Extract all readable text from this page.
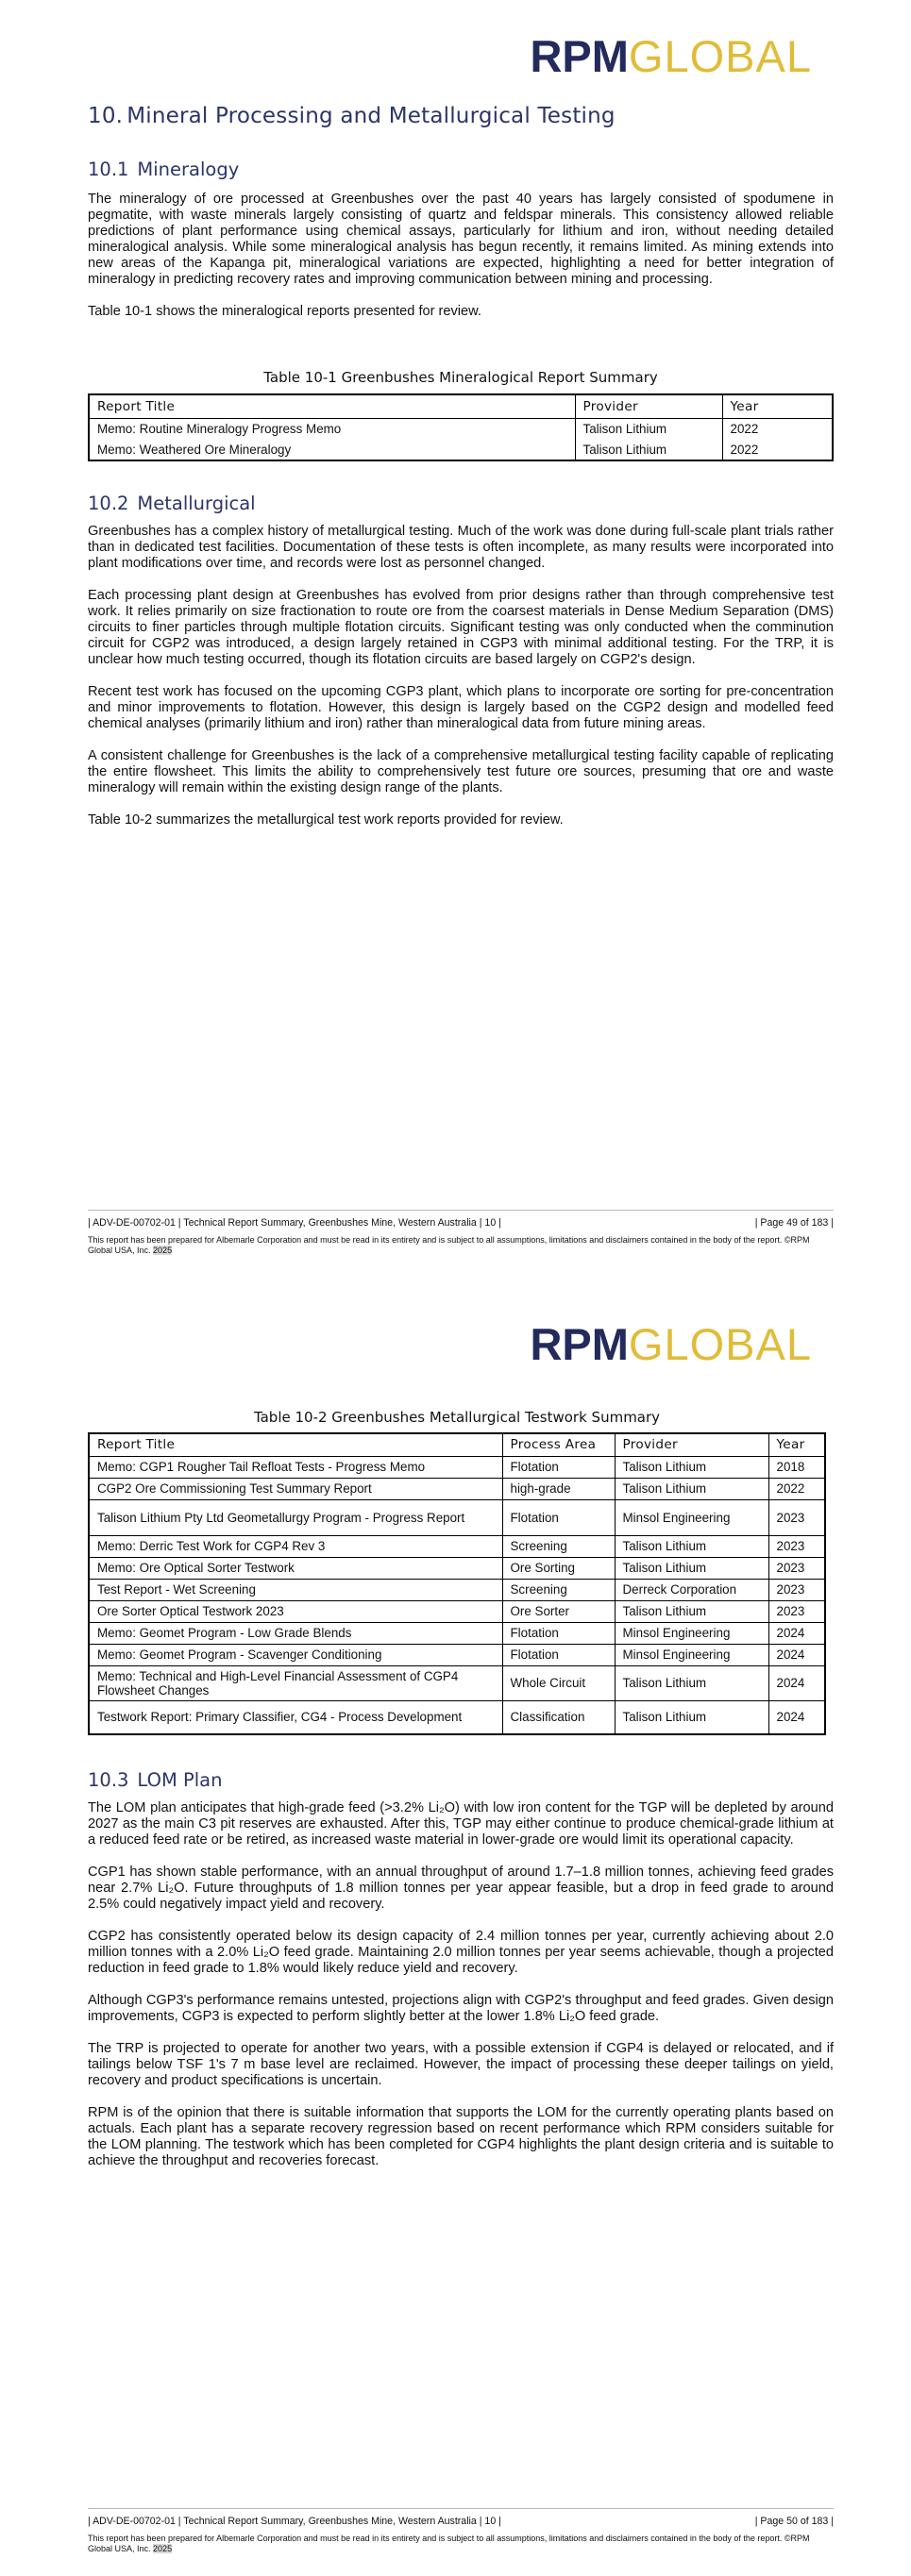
RPMGLOBAL
10. Mineral Processing and Metallurgical Testing
10.1 Mineralogy

The mineralogy of ore processed at Greenbushes over the past 40 years has largely consisted of spodumene in pegmatite, with waste minerals largely consisting of quartz and feldspar minerals. This consistency allowed reliable predictions of plant performance using chemical assays, particularly for lithium and iron, without needing detailed mineralogical analysis. While some mineralogical analysis has begun recently, it remains limited. As mining extends into new areas of the Kapanga pit, mineralogical variations are expected, highlighting a need for better integration of mineralogy in predicting recovery rates and improving communication between mining and processing.

Table 10-1 shows the mineralogical reports presented for review.

Table 10-1 Greenbushes Mineralogical Report Summary
Report Title	Provider	Year
Memo: Routine Mineralogy Progress Memo	Talison Lithium	2022
Memo: Weathered Ore Mineralogy	Talison Lithium	2022
10.2 Metallurgical

Greenbushes has a complex history of metallurgical testing. Much of the work was done during full-scale plant trials rather than in dedicated test facilities. Documentation of these tests is often incomplete, as many results were incorporated into plant modifications over time, and records were lost as personnel changed.

Each processing plant design at Greenbushes has evolved from prior designs rather than through comprehensive test work. It relies primarily on size fractionation to route ore from the coarsest materials in Dense Medium Separation (DMS) circuits to finer particles through multiple flotation circuits. Significant testing was only conducted when the comminution circuit for CGP2 was introduced, a design largely retained in CGP3 with minimal additional testing. For the TRP, it is unclear how much testing occurred, though its flotation circuits are based largely on CGP2's design.

Recent test work has focused on the upcoming CGP3 plant, which plans to incorporate ore sorting for pre-concentration and minor improvements to flotation. However, this design is largely based on the CGP2 design and modelled feed chemical analyses (primarily lithium and iron) rather than mineralogical data from future mining areas.

A consistent challenge for Greenbushes is the lack of a comprehensive metallurgical testing facility capable of replicating the entire flowsheet. This limits the ability to comprehensively test future ore sources, presuming that ore and waste mineralogy will remain within the existing design range of the plants.

Table 10-2 summarizes the metallurgical test work reports provided for review.

| ADV-DE-00702-01 | Technical Report Summary, Greenbushes Mine, Western Australia | 10 |	| Page 49 of 183 |
This report has been prepared for Albemarle Corporation and must be read in its entirety and is subject to all assumptions, limitations and disclaimers contained in the body of the report. ©RPM Global USA, Inc. 2025
RPMGLOBAL
Table 10-2 Greenbushes Metallurgical Testwork Summary
Report Title	Process Area	Provider	Year
Memo: CGP1 Rougher Tail Refloat Tests - Progress Memo	Flotation	Talison Lithium	2018
CGP2 Ore Commissioning Test Summary Report	high-grade	Talison Lithium	2022
Talison Lithium Pty Ltd Geometallurgy Program - Progress Report	Flotation	Minsol Engineering	2023
Memo: Derric Test Work for CGP4 Rev 3	Screening	Talison Lithium	2023
Memo: Ore Optical Sorter Testwork	Ore Sorting	Talison Lithium	2023
Test Report - Wet Screening	Screening	Derreck Corporation	2023
Ore Sorter Optical Testwork 2023	Ore Sorter	Talison Lithium	2023
Memo: Geomet Program - Low Grade Blends	Flotation	Minsol Engineering	2024
Memo: Geomet Program - Scavenger Conditioning	Flotation	Minsol Engineering	2024
Memo: Technical and High-Level Financial Assessment of CGP4 Flowsheet Changes	Whole Circuit	Talison Lithium	2024
Testwork Report: Primary Classifier, CG4 - Process Development	Classification	Talison Lithium	2024
10.3 LOM Plan

The LOM plan anticipates that high-grade feed (>3.2% Li₂O) with low iron content for the TGP will be depleted by around 2027 as the main C3 pit reserves are exhausted. After this, TGP may either continue to produce chemical-grade lithium at a reduced feed rate or be retired, as increased waste material in lower-grade ore would limit its operational capacity.

CGP1 has shown stable performance, with an annual throughput of around 1.7–1.8 million tonnes, achieving feed grades near 2.7% Li₂O. Future throughputs of 1.8 million tonnes per year appear feasible, but a drop in feed grade to around 2.5% could negatively impact yield and recovery.

CGP2 has consistently operated below its design capacity of 2.4 million tonnes per year, currently achieving about 2.0 million tonnes with a 2.0% Li₂O feed grade. Maintaining 2.0 million tonnes per year seems achievable, though a projected reduction in feed grade to 1.8% would likely reduce yield and recovery.

Although CGP3's performance remains untested, projections align with CGP2's throughput and feed grades. Given design improvements, CGP3 is expected to perform slightly better at the lower 1.8% Li₂O feed grade.

The TRP is projected to operate for another two years, with a possible extension if CGP4 is delayed or relocated, and if tailings below TSF 1's 7 m base level are reclaimed. However, the impact of processing these deeper tailings on yield, recovery and product specifications is uncertain.

RPM is of the opinion that there is suitable information that supports the LOM for the currently operating plants based on actuals. Each plant has a separate recovery regression based on recent performance which RPM considers suitable for the LOM planning. The testwork which has been completed for CGP4 highlights the plant design criteria and is suitable to achieve the throughput and recoveries forecast.

| ADV-DE-00702-01 | Technical Report Summary, Greenbushes Mine, Western Australia | 10 |	| Page 50 of 183 |
This report has been prepared for Albemarle Corporation and must be read in its entirety and is subject to all assumptions, limitations and disclaimers contained in the body of the report. ©RPM Global USA, Inc. 2025
